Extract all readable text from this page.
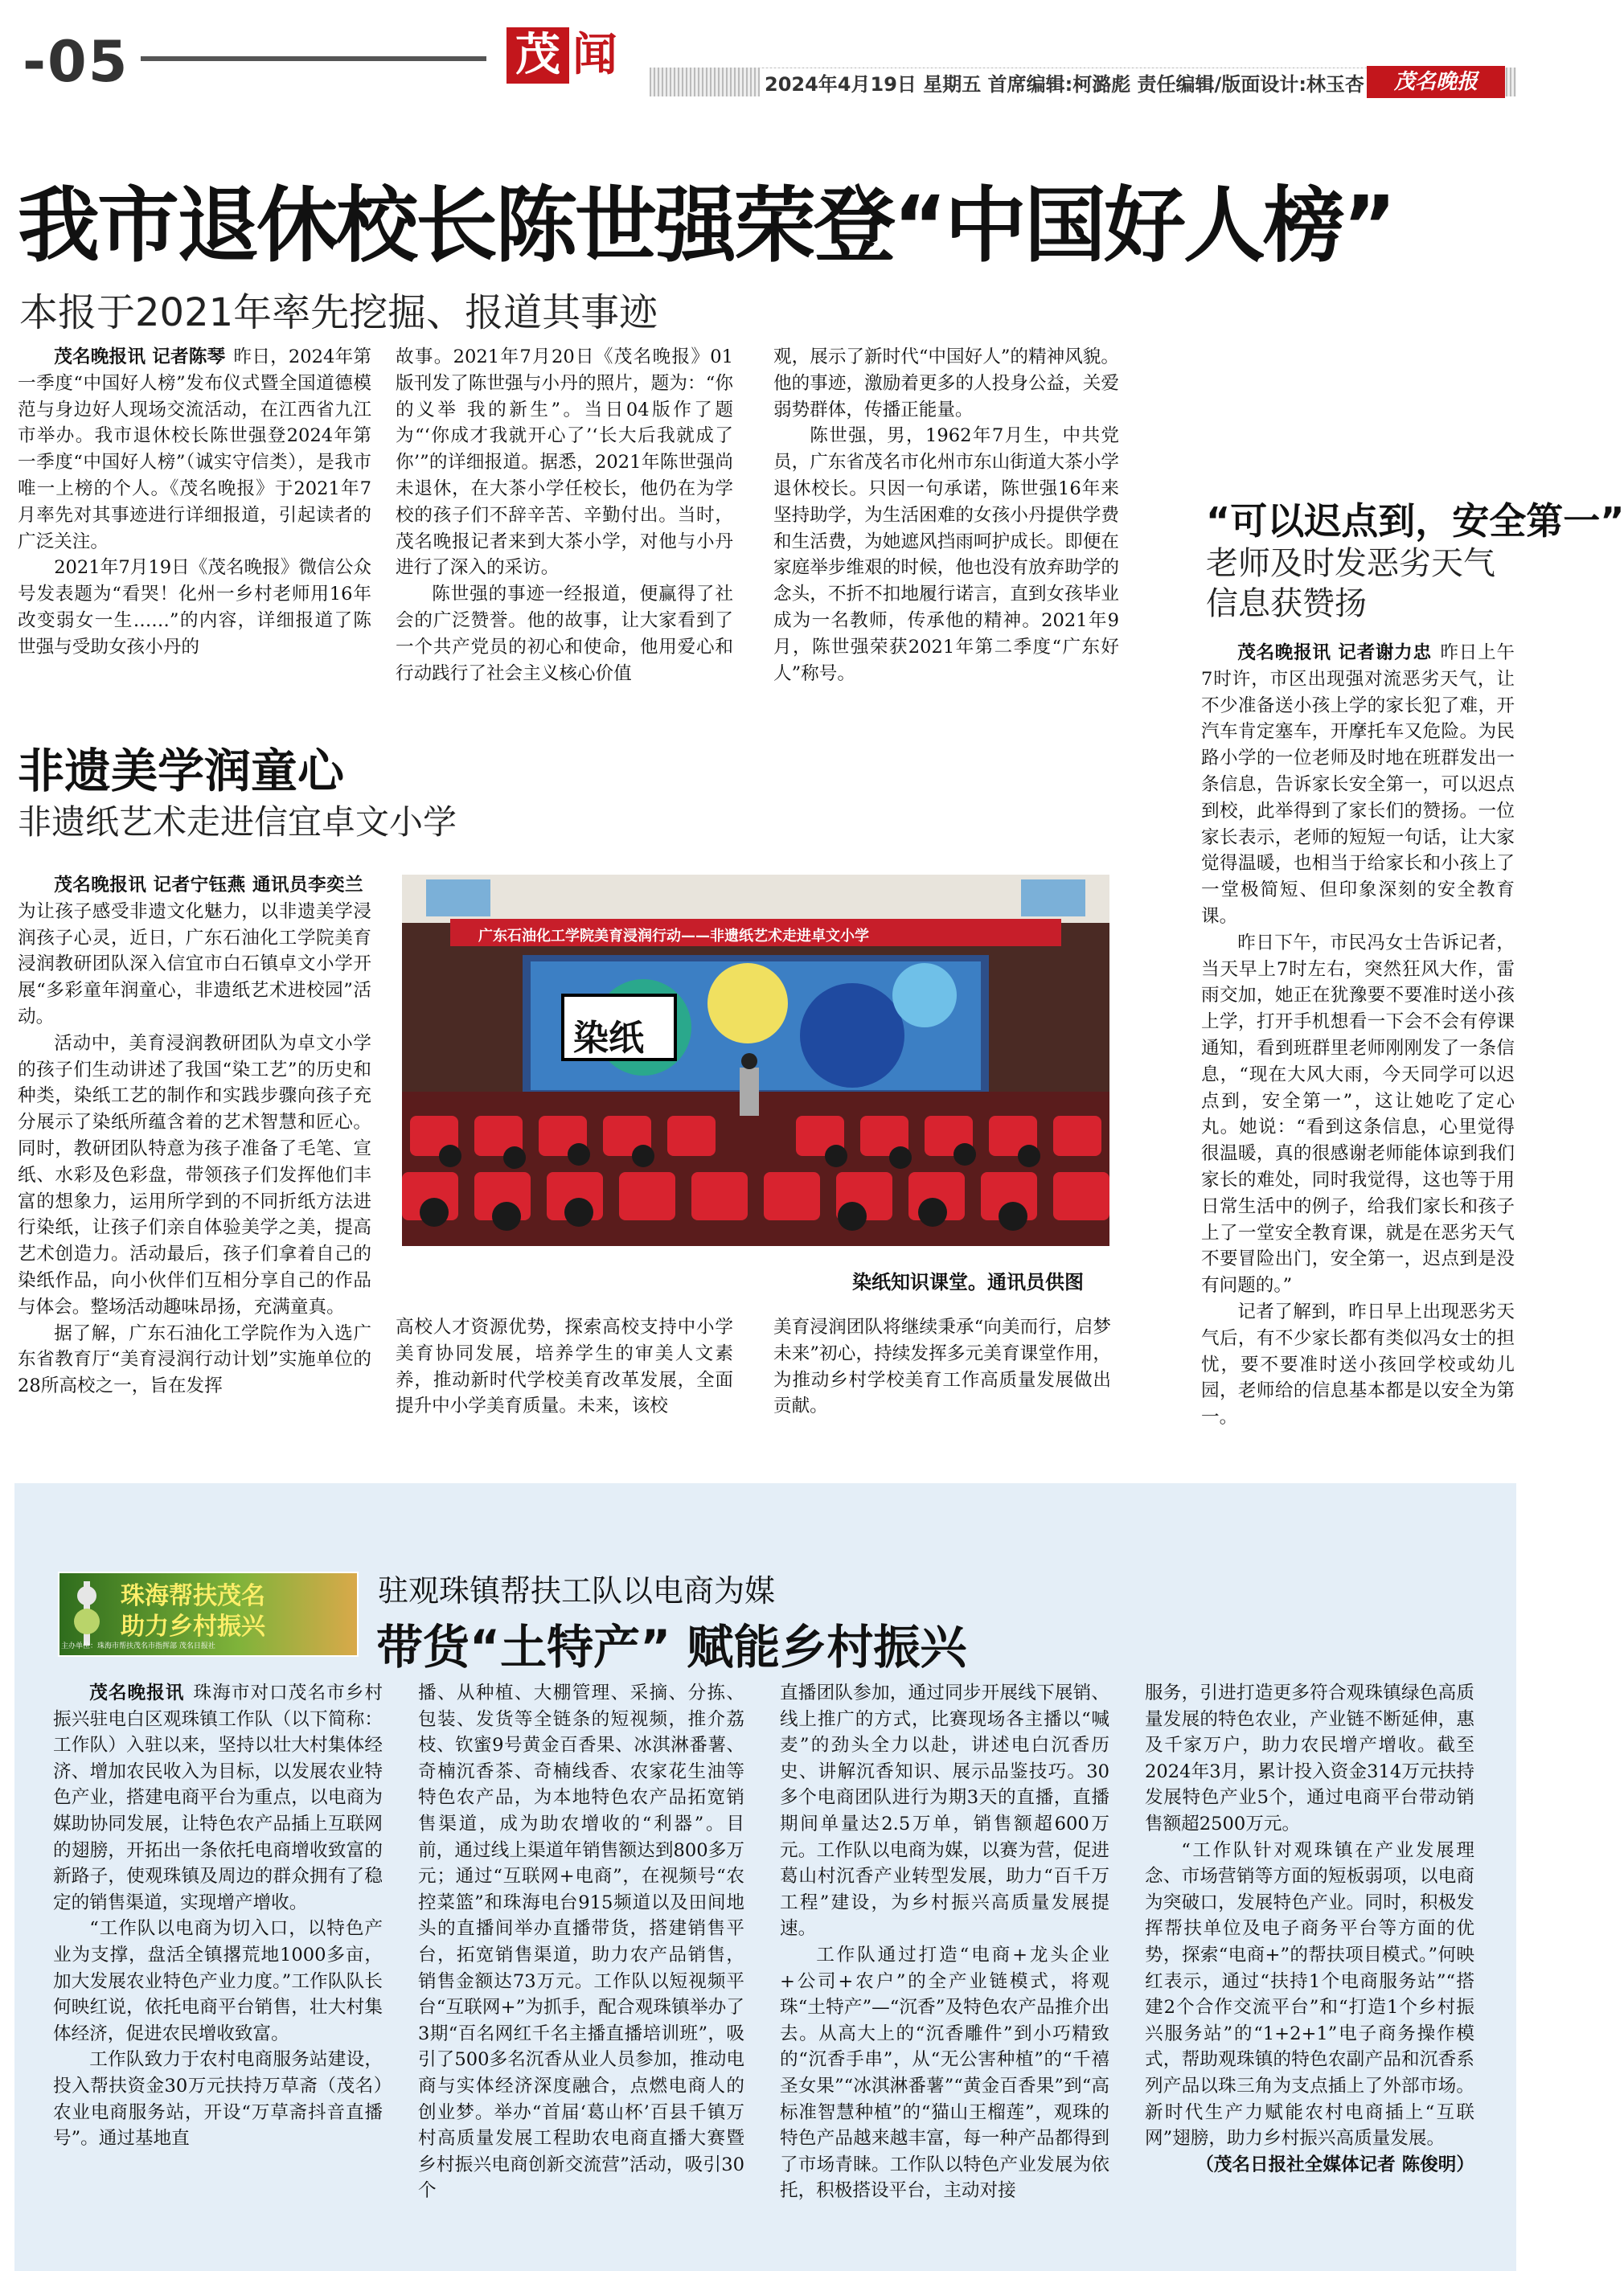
-05	茂 闻
2024年4月19日 星期五 首席编辑:柯潞彪 责任编辑/版面设计:林玉杏	茂名晚报
我市退休校长陈世强荣登“中国好人榜”
本报于2021年率先挖掘、报道其事迹

茂名晚报讯 记者陈琴 昨日，2024年第一季度“中国好人榜”发布仪式暨全国道德模范与身边好人现场交流活动，在江西省九江市举办。我市退休校长陈世强登2024年第一季度“中国好人榜”（诚实守信类），是我市唯一上榜的个人。《茂名晚报》于2021年7月率先对其事迹进行详细报道，引起读者的广泛关注。

2021年7月19日《茂名晚报》微信公众号发表题为“看哭！化州一乡村老师用16年改变弱女一生……”的内容，详细报道了陈世强与受助女孩小丹的

故事。2021年7月20日《茂名晚报》01版刊发了陈世强与小丹的照片，题为：“你的义举 我的新生”。当日04版作了题为“‘你成才我就开心了’‘长大后我就成了你’”的详细报道。据悉，2021年陈世强尚未退休，在大茶小学任校长，他仍在为学校的孩子们不辞辛苦、辛勤付出。当时，茂名晚报记者来到大茶小学，对他与小丹进行了深入的采访。

陈世强的事迹一经报道，便赢得了社会的广泛赞誉。他的故事，让大家看到了一个共产党员的初心和使命，他用爱心和行动践行了社会主义核心价值

观，展示了新时代“中国好人”的精神风貌。他的事迹，激励着更多的人投身公益，关爱弱势群体，传播正能量。

陈世强，男，1962年7月生，中共党员，广东省茂名市化州市东山街道大茶小学退休校长。只因一句承诺，陈世强16年来坚持助学，为生活困难的女孩小丹提供学费和生活费，为她遮风挡雨呵护成长。即便在家庭举步维艰的时候，他也没有放弃助学的念头，不折不扣地履行诺言，直到女孩毕业成为一名教师，传承他的精神。2021年9月，陈世强荣获2021年第二季度“广东好人”称号。

“可以迟点到，安全第一”
老师及时发恶劣天气信息获赞扬

茂名晚报讯 记者谢力忠 昨日上午7时许，市区出现强对流恶劣天气，让不少准备送小孩上学的家长犯了难，开汽车肯定塞车，开摩托车又危险。为民路小学的一位老师及时地在班群发出一条信息，告诉家长安全第一，可以迟点到校，此举得到了家长们的赞扬。一位家长表示，老师的短短一句话，让大家觉得温暖，也相当于给家长和小孩上了一堂极简短、但印象深刻的安全教育课。

昨日下午，市民冯女士告诉记者，当天早上7时左右，突然狂风大作，雷雨交加，她正在犹豫要不要准时送小孩上学，打开手机想看一下会不会有停课通知，看到班群里老师刚刚发了一条信息，“现在大风大雨，今天同学可以迟点到，安全第一”，这让她吃了定心丸。她说：“看到这条信息，心里觉得很温暖，真的很感谢老师能体谅到我们家长的难处，同时我觉得，这也等于用日常生活中的例子，给我们家长和孩子上了一堂安全教育课，就是在恶劣天气不要冒险出门，安全第一，迟点到是没有问题的。”

记者了解到，昨日早上出现恶劣天气后，有不少家长都有类似冯女士的担忧，要不要准时送小孩回学校或幼儿园，老师给的信息基本都是以安全为第一。

非遗美学润童心
非遗纸艺术走进信宜卓文小学

茂名晚报讯 记者宁钰燕 通讯员李奕兰为让孩子感受非遗文化魅力，以非遗美学浸润孩子心灵，近日，广东石油化工学院美育浸润教研团队深入信宜市白石镇卓文小学开展“多彩童年润童心，非遗纸艺术进校园”活动。

活动中，美育浸润教研团队为卓文小学的孩子们生动讲述了我国“染工艺”的历史和种类，染纸工艺的制作和实践步骤向孩子充分展示了染纸所蕴含着的艺术智慧和匠心。同时，教研团队特意为孩子准备了毛笔、宣纸、水彩及色彩盘，带领孩子们发挥他们丰富的想象力，运用所学到的不同折纸方法进行染纸，让孩子们亲自体验美学之美，提高艺术创造力。活动最后，孩子们拿着自己的染纸作品，向小伙伴们互相分享自己的作品与体会。整场活动趣味昂扬，充满童真。

据了解，广东石油化工学院作为入选广东省教育厅“美育浸润行动计划”实施单位的28所高校之一，旨在发挥

广东石油化工学院美育浸润行动——非遗纸艺术走进卓文小学
染纸
染纸知识课堂。通讯员供图

高校人才资源优势，探索高校支持中小学美育协同发展，培养学生的审美人文素养，推动新时代学校美育改革发展，全面提升中小学美育质量。未来，该校

美育浸润团队将继续秉承“向美而行，启梦未来”初心，持续发挥多元美育课堂作用，为推动乡村学校美育工作高质量发展做出贡献。

珠海帮扶茂名
助力乡村振兴
主办单位：珠海市帮扶茂名市指挥部 茂名日报社
驻观珠镇帮扶工队以电商为媒
带货“土特产” 赋能乡村振兴

茂名晚报讯 珠海市对口茂名市乡村振兴驻电白区观珠镇工作队（以下简称：工作队）入驻以来，坚持以壮大村集体经济、增加农民收入为目标，以发展农业特色产业，搭建电商平台为重点，以电商为媒助协同发展，让特色农产品插上互联网的翅膀，开拓出一条依托电商增收致富的新路子，使观珠镇及周边的群众拥有了稳定的销售渠道，实现增产增收。

“工作队以电商为切入口，以特色产业为支撑，盘活全镇撂荒地1000多亩，加大发展农业特色产业力度。”工作队队长何映红说，依托电商平台销售，壮大村集体经济，促进农民增收致富。

工作队致力于农村电商服务站建设，投入帮扶资金30万元扶持万草斋（茂名）农业电商服务站，开设“万草斋抖音直播号”。通过基地直

播、从种植、大棚管理、采摘、分拣、包装、发货等全链条的短视频，推介荔枝、钦蜜9号黄金百香果、冰淇淋番薯、奇楠沉香茶、奇楠线香、农家花生油等特色农产品，为本地特色农产品拓宽销售渠道，成为助农增收的“利器”。目前，通过线上渠道年销售额达到800多万元；通过“互联网+电商”，在视频号“农控菜篮”和珠海电台915频道以及田间地头的直播间举办直播带货，搭建销售平台，拓宽销售渠道，助力农产品销售，销售金额达73万元。工作队以短视频平台“互联网+”为抓手，配合观珠镇举办了3期“百名网红千名主播直播培训班”，吸引了500多名沉香从业人员参加，推动电商与实体经济深度融合，点燃电商人的创业梦。举办“首届‘葛山杯’百县千镇万村高质量发展工程助农电商直播大赛暨乡村振兴电商创新交流营”活动，吸引30个

直播团队参加，通过同步开展线下展销、线上推广的方式，比赛现场各主播以“喊麦”的劲头全力以赴，讲述电白沉香历史、讲解沉香知识、展示品鉴技巧。30多个电商团队进行为期3天的直播，直播期间单量达2.5万单，销售额超600万元。工作队以电商为媒，以赛为营，促进葛山村沉香产业转型发展，助力“百千万工程”建设，为乡村振兴高质量发展提速。

工作队通过打造“电商+龙头企业+公司+农户”的全产业链模式，将观珠“土特产”—“沉香”及特色农产品推介出去。从高大上的“沉香雕件”到小巧精致的“沉香手串”，从“无公害种植”的“千禧圣女果”“冰淇淋番薯”“黄金百香果”到“高标准智慧种植”的“猫山王榴莲”，观珠的特色产品越来越丰富，每一种产品都得到了市场青睐。工作队以特色产业发展为依托，积极搭设平台，主动对接

服务，引进打造更多符合观珠镇绿色高质量发展的特色农业，产业链不断延伸，惠及千家万户，助力农民增产增收。截至2024年3月，累计投入资金314万元扶持发展特色产业5个，通过电商平台带动销售额超2500万元。

“工作队针对观珠镇在产业发展理念、市场营销等方面的短板弱项，以电商为突破口，发展特色产业。同时，积极发挥帮扶单位及电子商务平台等方面的优势，探索“电商+”的帮扶项目模式。”何映红表示，通过“扶持1个电商服务站”“搭建2个合作交流平台”和“打造1个乡村振兴服务站”的“1+2+1”电子商务操作模式，帮助观珠镇的特色农副产品和沉香系列产品以珠三角为支点插上了外部市场。新时代生产力赋能农村电商插上“互联网”翅膀，助力乡村振兴高质量发展。

（茂名日报社全媒体记者 陈俊明）
